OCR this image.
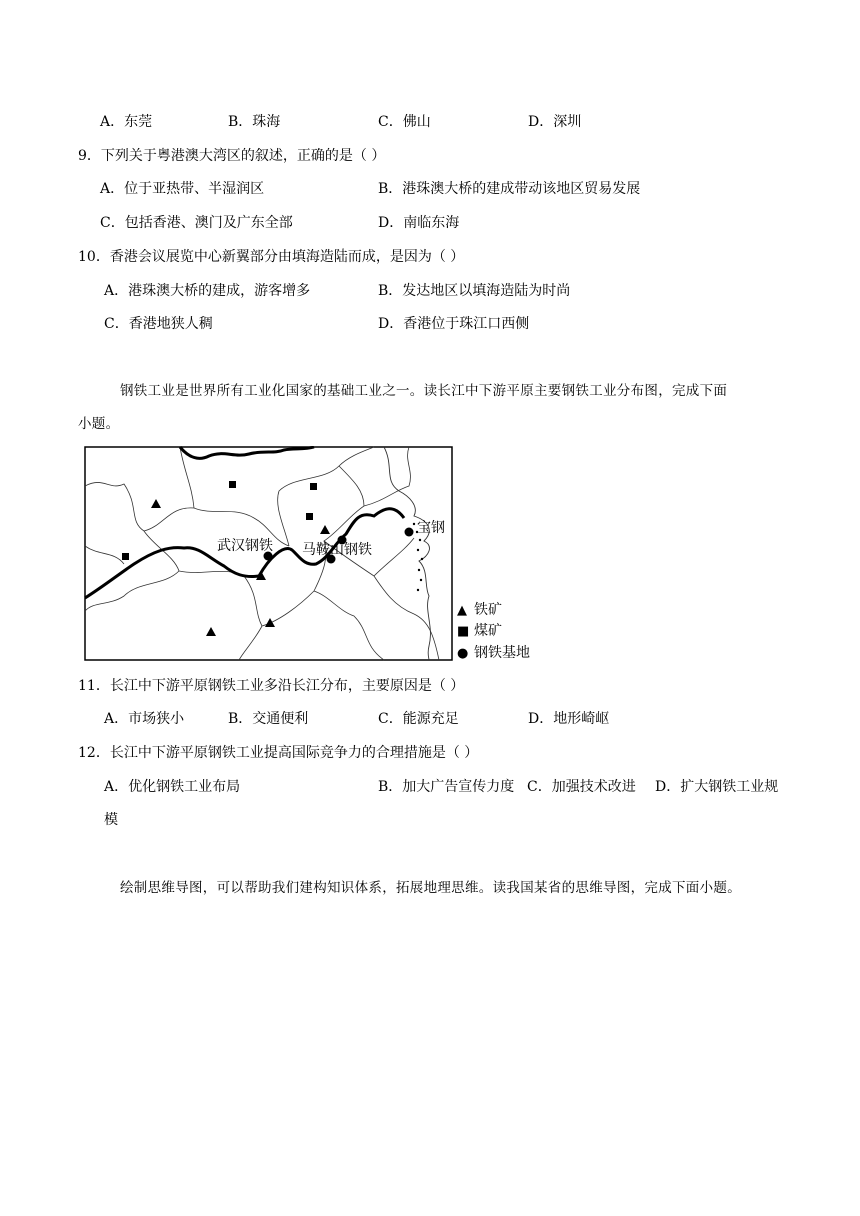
A．东莞	B．珠海	C．佛山	D．深圳
9．下列关于粤港澳大湾区的叙述，正确的是（ ）
A．位于亚热带、半湿润区	B．港珠澳大桥的建成带动该地区贸易发展
C．包括香港、澳门及广东全部	D．南临东海
10．香港会议展览中心新翼部分由填海造陆而成，是因为（ ）
A．港珠澳大桥的建成，游客增多	B．发达地区以填海造陆为时尚
C．香港地狭人稠	D．香港位于珠江口西侧
钢铁工业是世界所有工业化国家的基础工业之一。读长江中下游平原主要钢铁工业分布图，完成下面
小题。
武汉钢铁 马鞍山钢铁
宝钢
▲ 铁矿
■ 煤矿
● 钢铁基地
11．长江中下游平原钢铁工业多沿长江分布，主要原因是（ ）
A．市场狭小	B．交通便利	C．能源充足	D．地形崎岖
12．长江中下游平原钢铁工业提高国际竞争力的合理措施是（ ）
A．优化钢铁工业布局	B．加大广告宣传力度 C．加强技术改进 D．扩大钢铁工业规
模
绘制思维导图，可以帮助我们建构知识体系，拓展地理思维。读我国某省的思维导图，完成下面小题。
